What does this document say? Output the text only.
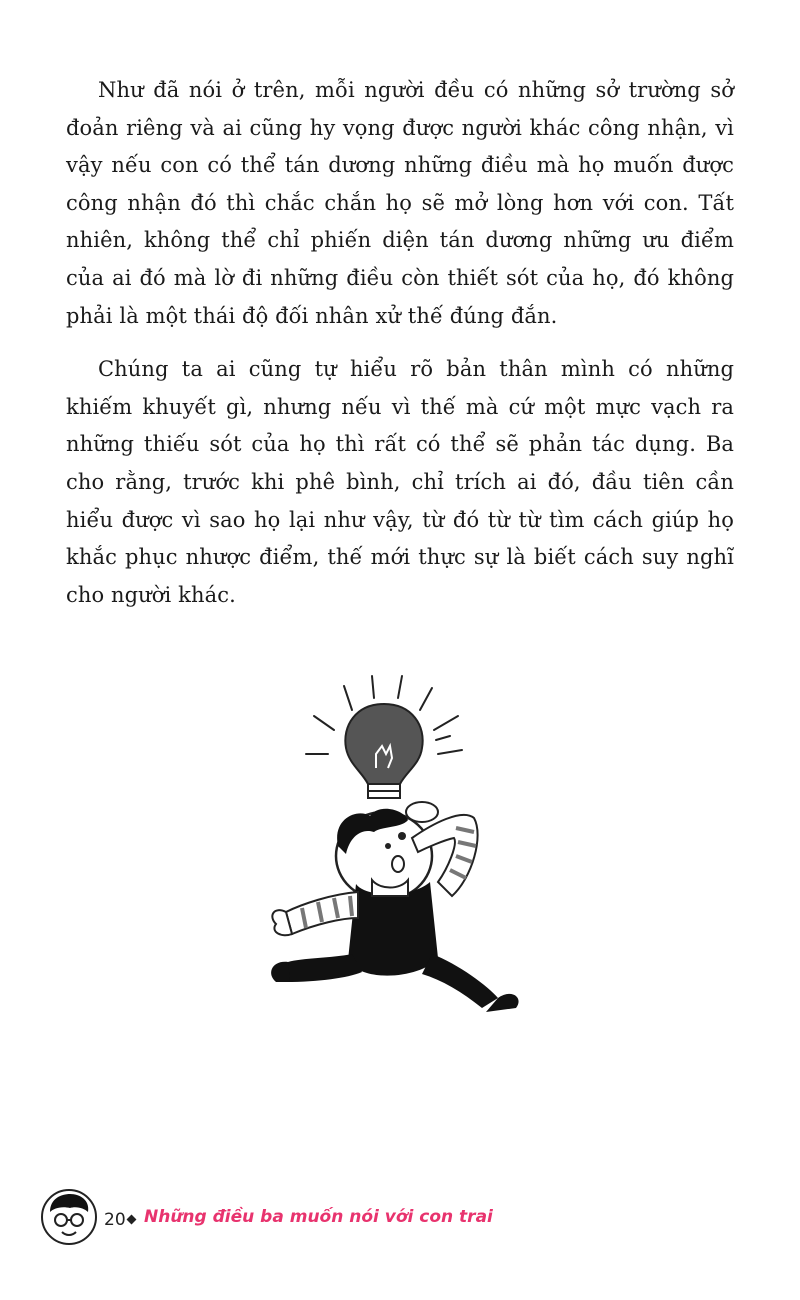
Như đã nói ở trên, mỗi người đều có những sở trường sở đoản riêng và ai cũng hy vọng được người khác công nhận, vì vậy nếu con có thể tán dương những điều mà họ muốn được công nhận đó thì chắc chắn họ sẽ mở lòng hơn với con. Tất nhiên, không thể chỉ phiến diện tán dương những ưu điểm của ai đó mà lờ đi những điều còn thiết sót của họ, đó không phải là một thái độ đối nhân xử thế đúng đắn.

Chúng ta ai cũng tự hiểu rõ bản thân mình có những khiếm khuyết gì, nhưng nếu vì thế mà cứ một mực vạch ra những thiếu sót của họ thì rất có thể sẽ phản tác dụng. Ba cho rằng, trước khi phê bình, chỉ trích ai đó, đầu tiên cần hiểu được vì sao họ lại như vậy, từ đó từ từ tìm cách giúp họ khắc phục nhược điểm, thế mới thực sự là biết cách suy nghĩ cho người khác.

20 Những điều ba muốn nói với con trai
